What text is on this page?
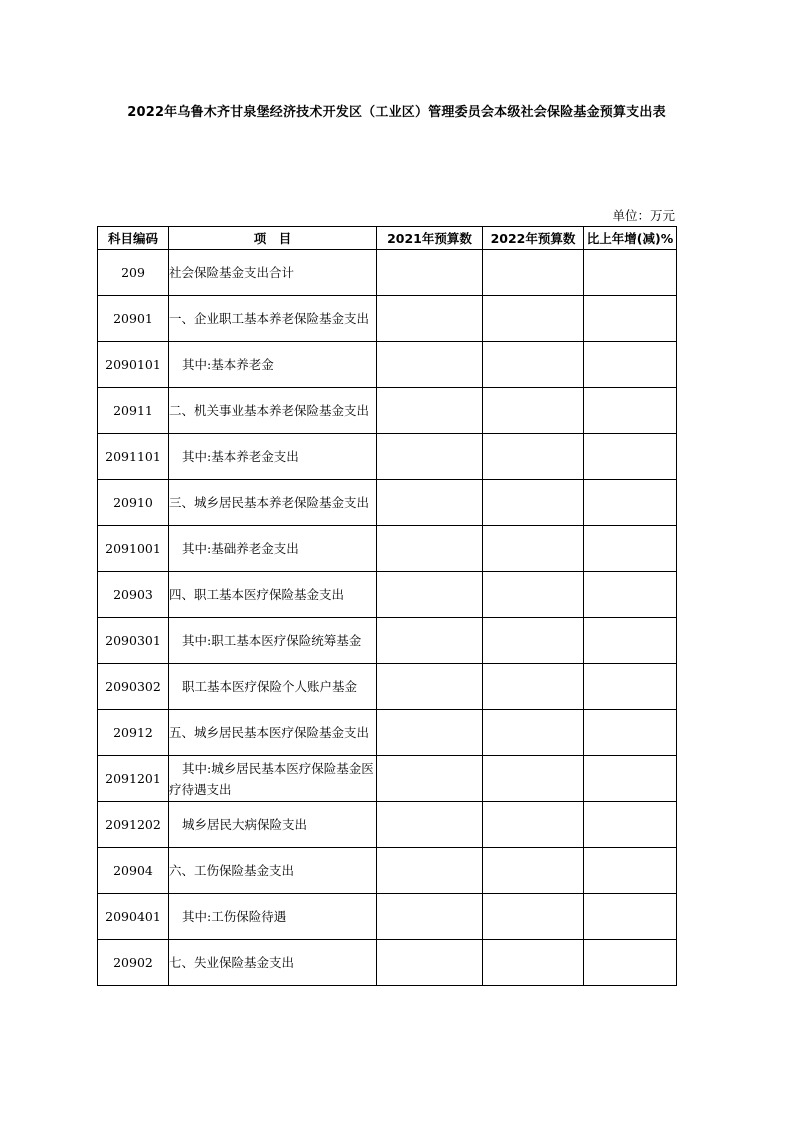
2022年乌鲁木齐甘泉堡经济技术开发区（工业区）管理委员会本级社会保险基金预算支出表
单位：万元
科目编码	项　目	2021年预算数	2022年预算数	比上年增(减)%
209	社会保险基金支出合计			
20901	一、企业职工基本养老保险基金支出			
2090101	其中:基本养老金			
20911	二、机关事业基本养老保险基金支出			
2091101	其中:基本养老金支出			
20910	三、城乡居民基本养老保险基金支出			
2091001	其中:基础养老金支出			
20903	四、职工基本医疗保险基金支出			
2090301	其中:职工基本医疗保险统筹基金			
2090302	职工基本医疗保险个人账户基金			
20912	五、城乡居民基本医疗保险基金支出			
2091201	其中:城乡居民基本医疗保险基金医疗待遇支出			
2091202	城乡居民大病保险支出			
20904	六、工伤保险基金支出			
2090401	其中:工伤保险待遇			
20902	七、失业保险基金支出			
